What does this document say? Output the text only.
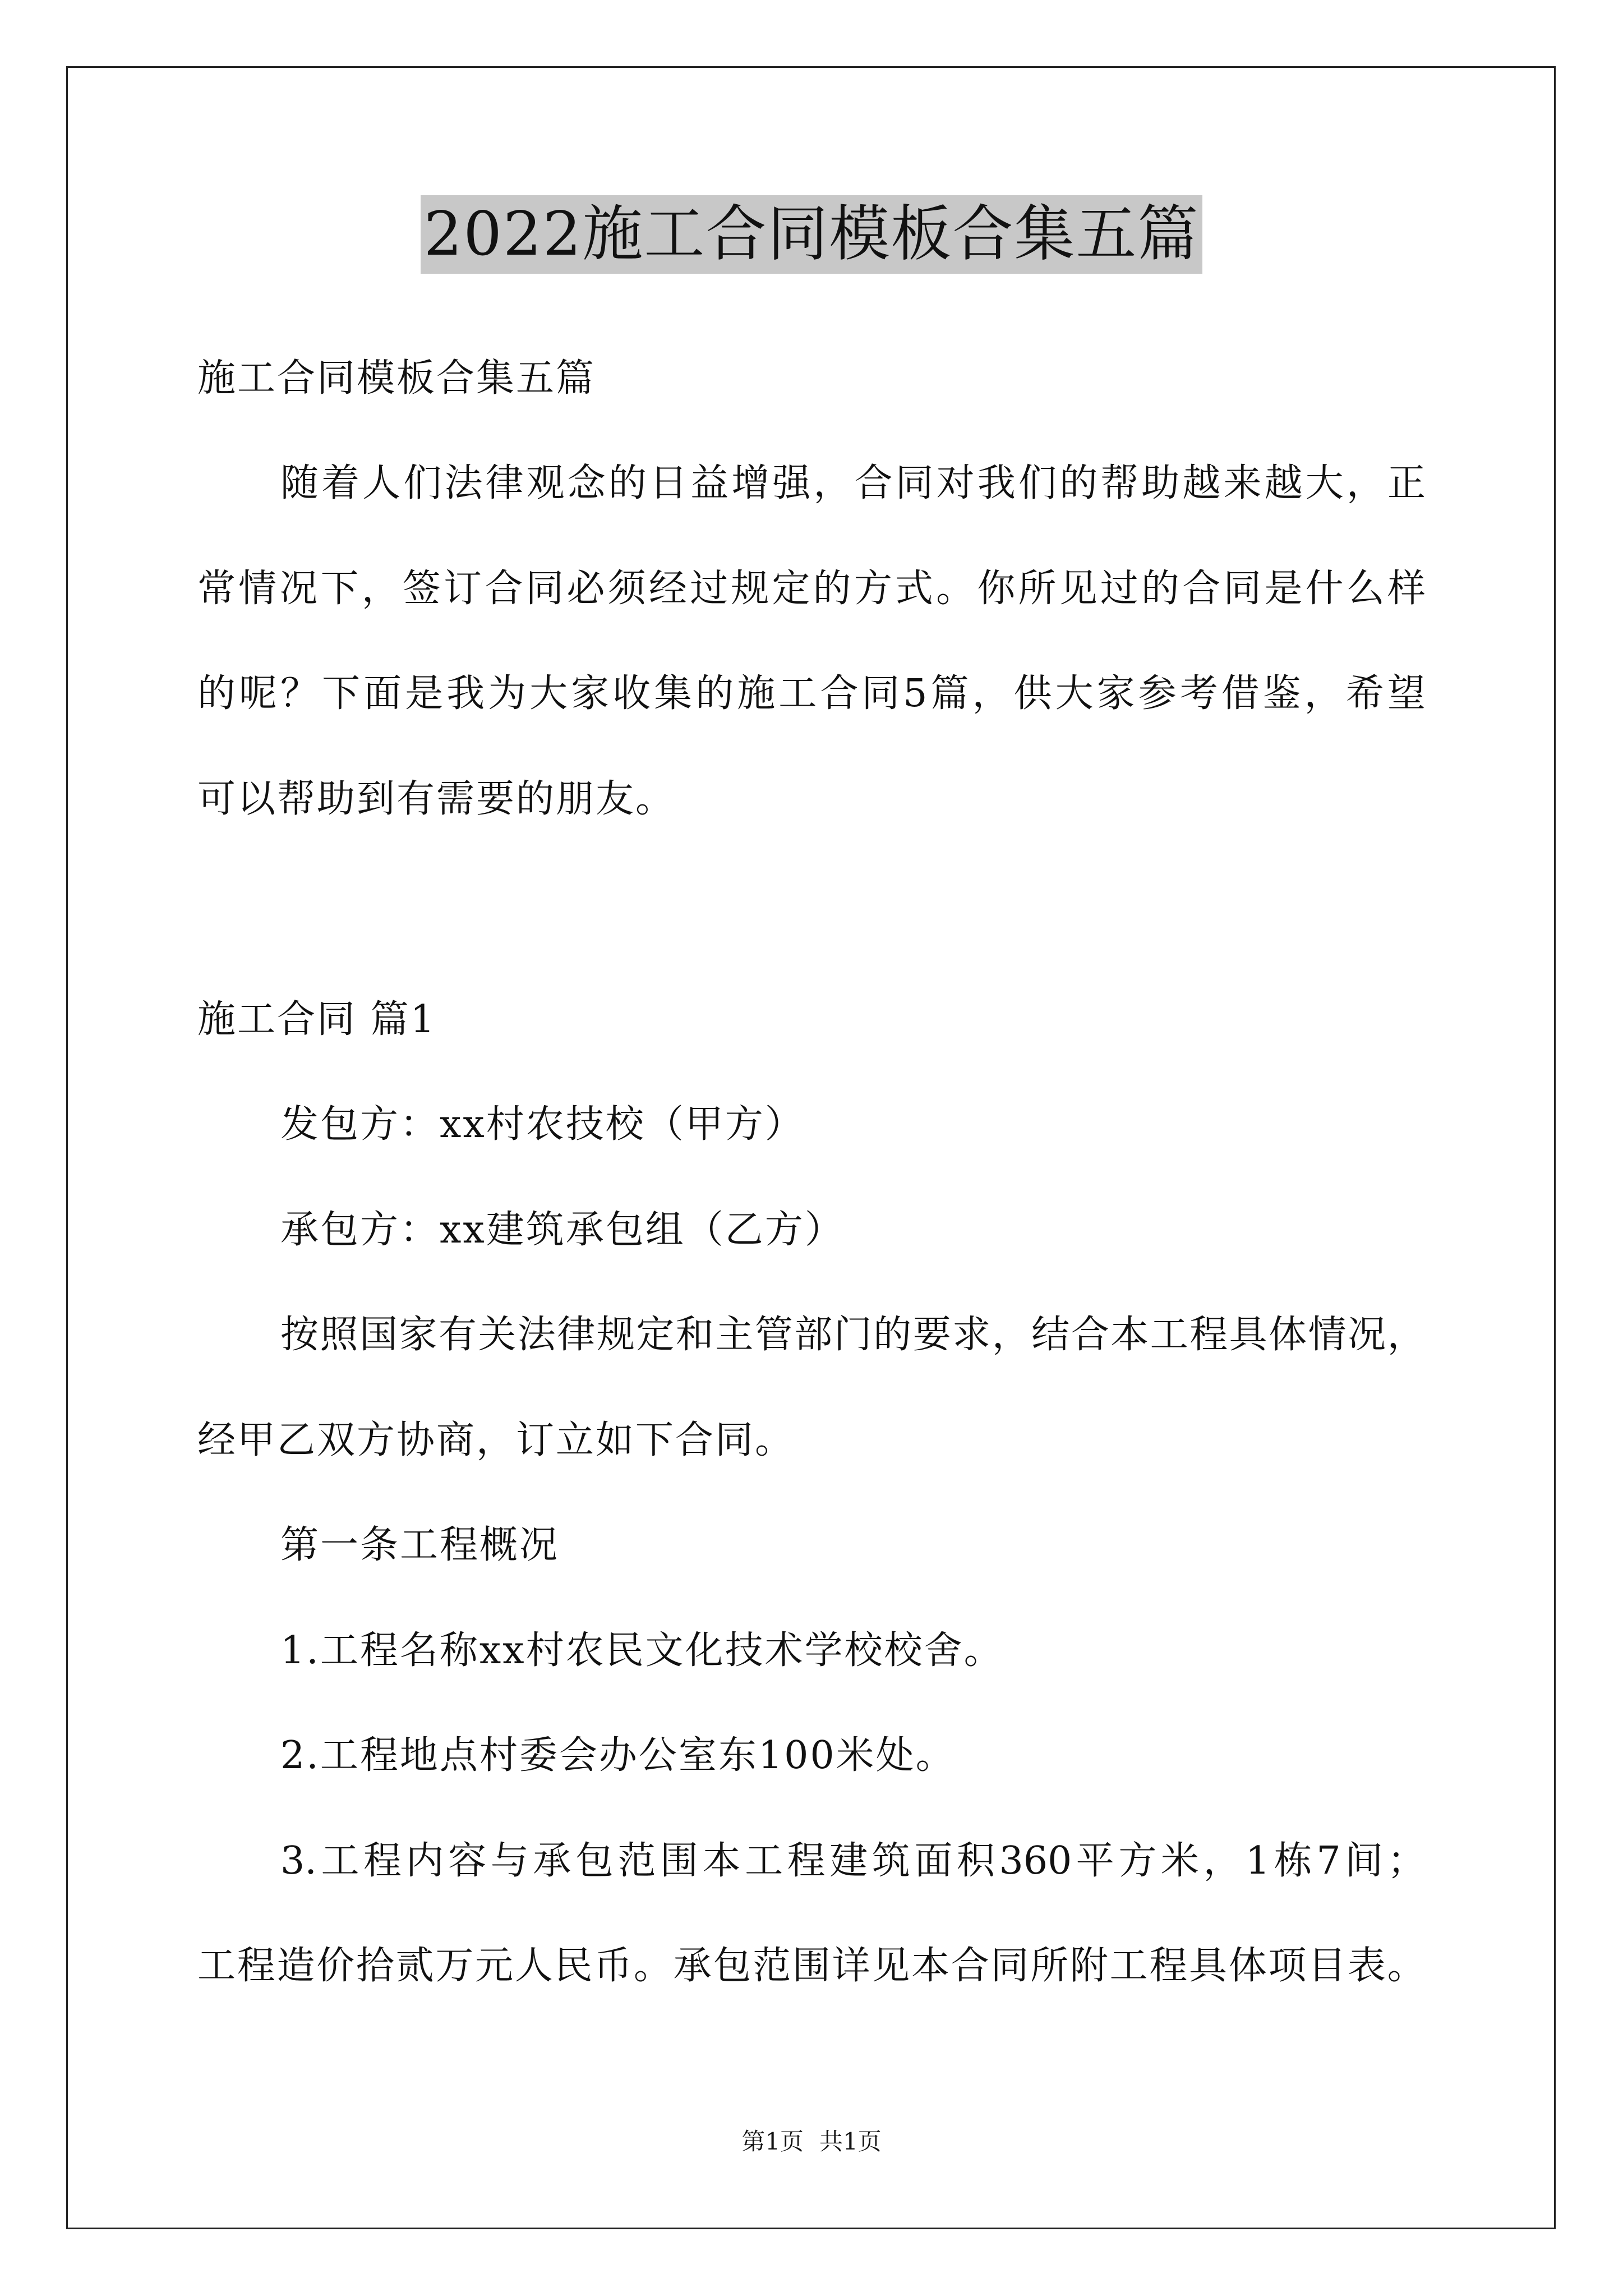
2022施工合同模板合集五篇
施工合同模板合集五篇
随 着 人 们 法 律 观 念 的 日 益 增 强 ， 合 同 对 我 们 的 帮 助 越 来 越 大 ， 正
常 情 况 下 ， 签 订 合 同 必 须 经 过 规 定 的 方 式 。 你 所 见 过 的 合 同 是 什 么 样
的 呢 ？ 下 面 是 我 为 大 家 收 集 的 施 工 合 同 5 篇 ， 供 大 家 参 考 借 鉴 ， 希 望
可以帮助到有需要的朋友。
施工合同 篇1
发包方：xx村农技校（甲方）
承包方：xx建筑承包组（乙方）
按 照 国 家 有 关 法 律 规 定 和 主 管 部 门 的 要 求 ， 结 合 本 工 程 具 体 情 况 ，
经甲乙双方协商，订立如下合同。
第一条工程概况
1.工程名称xx村农民文化技术学校校舍。
2.工程地点村委会办公室东100米处。
3. 工 程 内 容 与 承 包 范 围 本 工 程 建 筑 面 积 360 平 方 米 ， 1 栋 7 间 ；
工 程 造 价 拾 贰 万 元 人 民 币 。 承 包 范 围 详 见 本 合 同 所 附 工 程 具 体 项 目 表 。
第1页 共1页
